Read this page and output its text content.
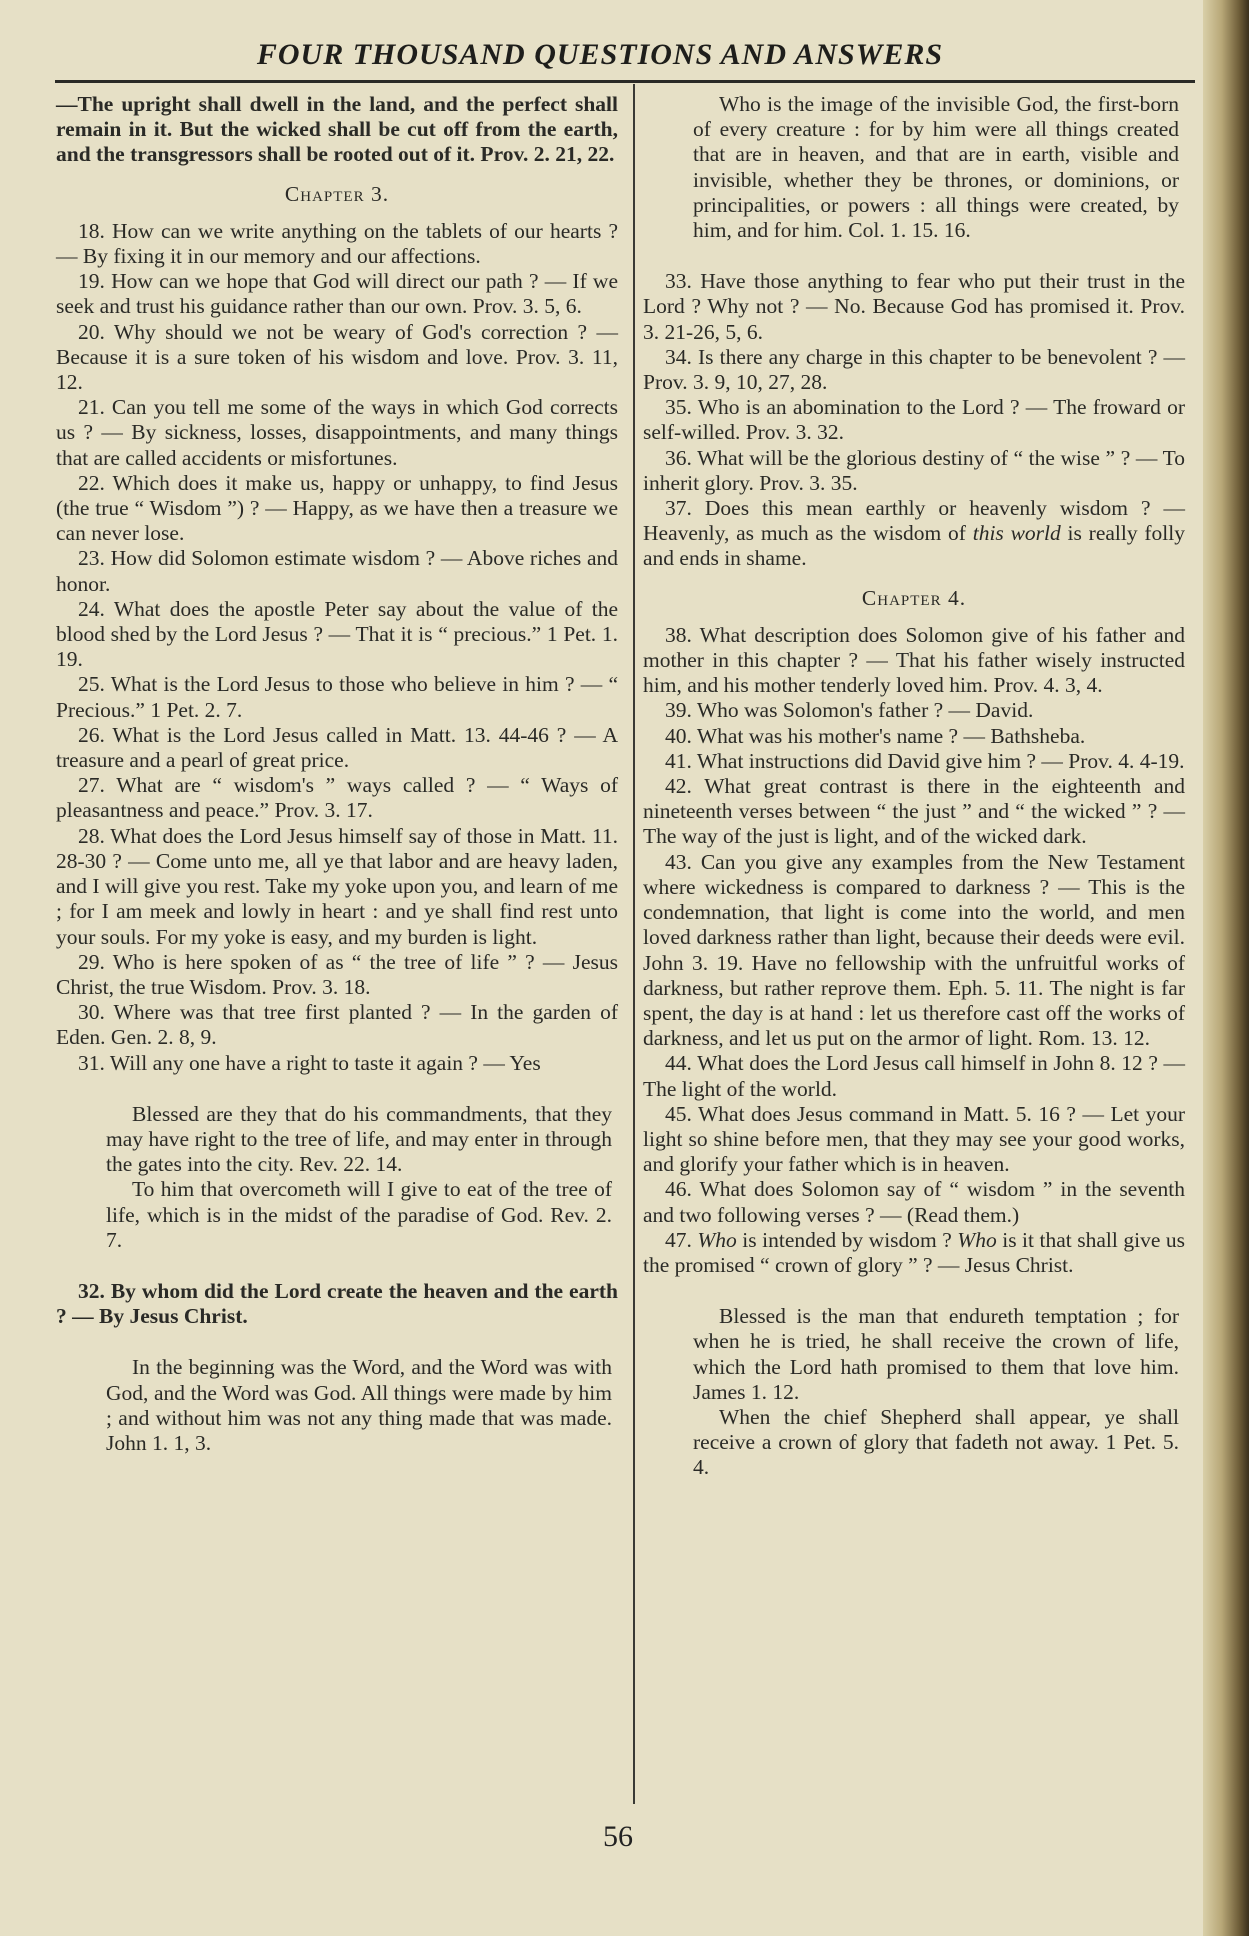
FOUR THOUSAND QUESTIONS AND ANSWERS

—The upright shall dwell in the land, and the perfect shall remain in it. But the wicked shall be cut off from the earth, and the transgressors shall be rooted out of it. Prov. 2. 21, 22.

Chapter 3.

18. How can we write anything on the tablets of our hearts ? — By fixing it in our memory and our affections.

19. How can we hope that God will direct our path ? — If we seek and trust his guidance rather than our own. Prov. 3. 5, 6.

20. Why should we not be weary of God's correction ? — Because it is a sure token of his wisdom and love. Prov. 3. 11, 12.

21. Can you tell me some of the ways in which God corrects us ? — By sickness, losses, disappointments, and many things that are called accidents or misfortunes.

22. Which does it make us, happy or unhappy, to find Jesus (the true “ Wisdom ”) ? — Happy, as we have then a treasure we can never lose.

23. How did Solomon estimate wisdom ? — Above riches and honor.

24. What does the apostle Peter say about the value of the blood shed by the Lord Jesus ? — That it is “ precious.” 1 Pet. 1. 19.

25. What is the Lord Jesus to those who believe in him ? — “ Precious.” 1 Pet. 2. 7.

26. What is the Lord Jesus called in Matt. 13. 44-46 ? — A treasure and a pearl of great price.

27. What are “ wisdom's ” ways called ? — “ Ways of pleasantness and peace.” Prov. 3. 17.

28. What does the Lord Jesus himself say of those in Matt. 11. 28-30 ? — Come unto me, all ye that labor and are heavy laden, and I will give you rest. Take my yoke upon you, and learn of me ; for I am meek and lowly in heart : and ye shall find rest unto your souls. For my yoke is easy, and my burden is light.

29. Who is here spoken of as “ the tree of life ” ? — Jesus Christ, the true Wisdom. Prov. 3. 18.

30. Where was that tree first planted ? — In the garden of Eden. Gen. 2. 8, 9.

31. Will any one have a right to taste it again ? — Yes

Blessed are they that do his commandments, that they may have right to the tree of life, and may enter in through the gates into the city. Rev. 22. 14.

To him that overcometh will I give to eat of the tree of life, which is in the midst of the paradise of God. Rev. 2. 7.

32. By whom did the Lord create the heaven and the earth ? — By Jesus Christ.

In the beginning was the Word, and the Word was with God, and the Word was God. All things were made by him ; and without him was not any thing made that was made. John 1. 1, 3.

Who is the image of the invisible God, the first-born of every creature : for by him were all things created that are in heaven, and that are in earth, visible and invisible, whether they be thrones, or dominions, or principalities, or powers : all things were created, by him, and for him. Col. 1. 15. 16.

33. Have those anything to fear who put their trust in the Lord ? Why not ? — No. Because God has promised it. Prov. 3. 21-26, 5, 6.

34. Is there any charge in this chapter to be benevolent ? — Prov. 3. 9, 10, 27, 28.

35. Who is an abomination to the Lord ? — The froward or self-willed. Prov. 3. 32.

36. What will be the glorious destiny of “ the wise ” ? — To inherit glory. Prov. 3. 35.

37. Does this mean earthly or heavenly wisdom ? — Heavenly, as much as the wisdom of this world is really folly and ends in shame.

Chapter 4.

38. What description does Solomon give of his father and mother in this chapter ? — That his father wisely instructed him, and his mother tenderly loved him. Prov. 4. 3, 4.

39. Who was Solomon's father ? — David.

40. What was his mother's name ? — Bathsheba.

41. What instructions did David give him ? — Prov. 4. 4-19.

42. What great contrast is there in the eighteenth and nineteenth verses between “ the just ” and “ the wicked ” ? — The way of the just is light, and of the wicked dark.

43. Can you give any examples from the New Testament where wickedness is compared to darkness ? — This is the condemnation, that light is come into the world, and men loved darkness rather than light, because their deeds were evil. John 3. 19. Have no fellowship with the unfruitful works of darkness, but rather reprove them. Eph. 5. 11. The night is far spent, the day is at hand : let us therefore cast off the works of darkness, and let us put on the armor of light. Rom. 13. 12.

44. What does the Lord Jesus call himself in John 8. 12 ? — The light of the world.

45. What does Jesus command in Matt. 5. 16 ? — Let your light so shine before men, that they may see your good works, and glorify your father which is in heaven.

46. What does Solomon say of “ wisdom ” in the seventh and two following verses ? — (Read them.)

47. Who is intended by wisdom ? Who is it that shall give us the promised “ crown of glory ” ? — Jesus Christ.

Blessed is the man that endureth temptation ; for when he is tried, he shall receive the crown of life, which the Lord hath promised to them that love him. James 1. 12.

When the chief Shepherd shall appear, ye shall receive a crown of glory that fadeth not away. 1 Pet. 5. 4.

56
